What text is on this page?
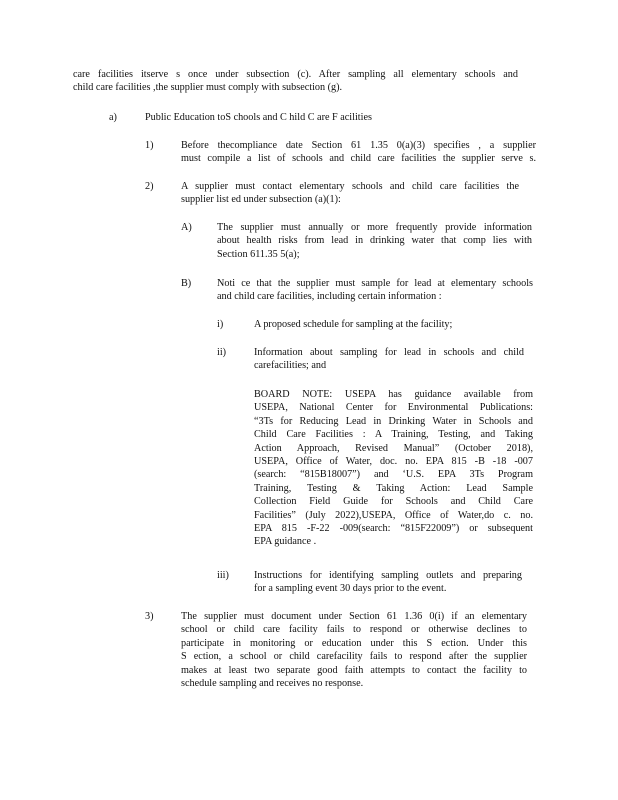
care facilities itserve s once under subsection (c). After sampling all elementary schools and
child care facilities ,the supplier must comply with subsection (g).
a)	Public Education toS chools and C hild C are F acilities
1)	Before thecompliance date Section 61 1.35 0(a)(3) specifies , a supplier
must compile a list of schools and child care facilities the supplier serve s.
2)	A supplier must contact elementary schools and child care facilities the
supplier list ed under subsection (a)(1):
A) The supplier must annually or more frequently provide information
about health risks from lead in drinking water that comp lies with
Section 611.35 5(a);
B)	Noti ce that the supplier must sample for lead at elementary schools
and child care facilities, including certain information :
i)	A proposed schedule for sampling at the facility;
ii)	Information about sampling for lead in schools and child
carefacilities; and
BOARD NOTE: USEPA has guidance available from
USEPA, National Center for Environmental Publications:
“3Ts for Reducing Lead in Drinking Water in Schools and
Child Care Facilities : A Training, Testing, and Taking
Action Approach, Revised Manual” (October 2018),
USEPA, Office of Water, doc. no. EPA 815 -B -18 -007
(search: “815B18007”) and ‘U.S. EPA 3Ts Program
Training, Testing & Taking Action: Lead Sample
Collection Field Guide for Schools and Child Care
Facilities” (July 2022),USEPA, Office of Water,do c. no.
EPA 815 -F-22 -009(search: “815F22009”) or subsequent
EPA guidance .
iii) Instructions for identifying sampling outlets and preparing
for a sampling event 30 days prior to the event.
3)	The supplier must document under Section 61 1.36 0(i) if an elementary
school or child care facility fails to respond or otherwise declines to
participate in monitoring or education under this S ection. Under this
S ection, a school or child carefacility fails to respond after the supplier
makes at least two separate good faith attempts to contact the facility to
schedule sampling and receives no response.
